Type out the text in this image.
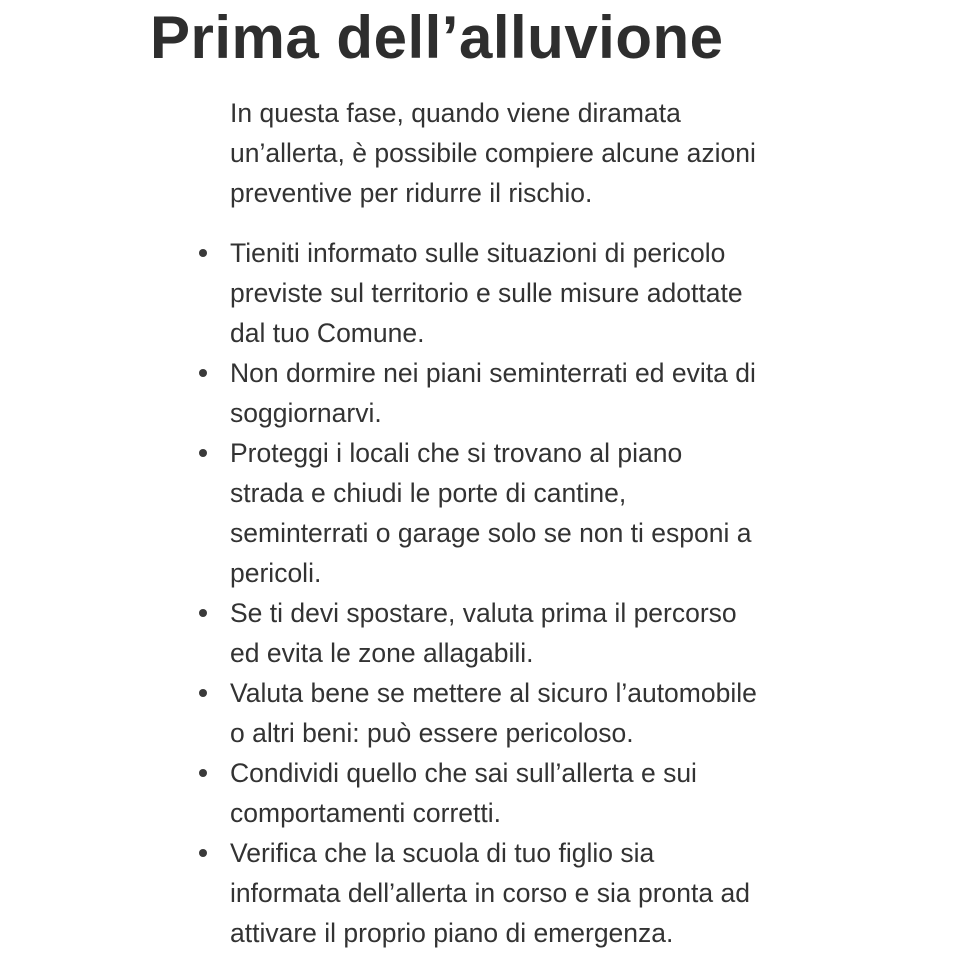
Prima dell’alluvione
In questa fase, quando viene diramata
un’allerta, è possibile compiere alcune azioni
preventive per ridurre il rischio.
Tieniti informato sulle situazioni di pericolo
previste sul territorio e sulle misure adottate
dal tuo Comune.
Non dormire nei piani seminterrati ed evita di
soggiornarvi.
Proteggi i locali che si trovano al piano
strada e chiudi le porte di cantine,
seminterrati o garage solo se non ti esponi a
pericoli.
Se ti devi spostare, valuta prima il percorso
ed evita le zone allagabili.
Valuta bene se mettere al sicuro l’automobile
o altri beni: può essere pericoloso.
Condividi quello che sai sull’allerta e sui
comportamenti corretti.
Verifica che la scuola di tuo figlio sia
informata dell’allerta in corso e sia pronta ad
attivare il proprio piano di emergenza.
